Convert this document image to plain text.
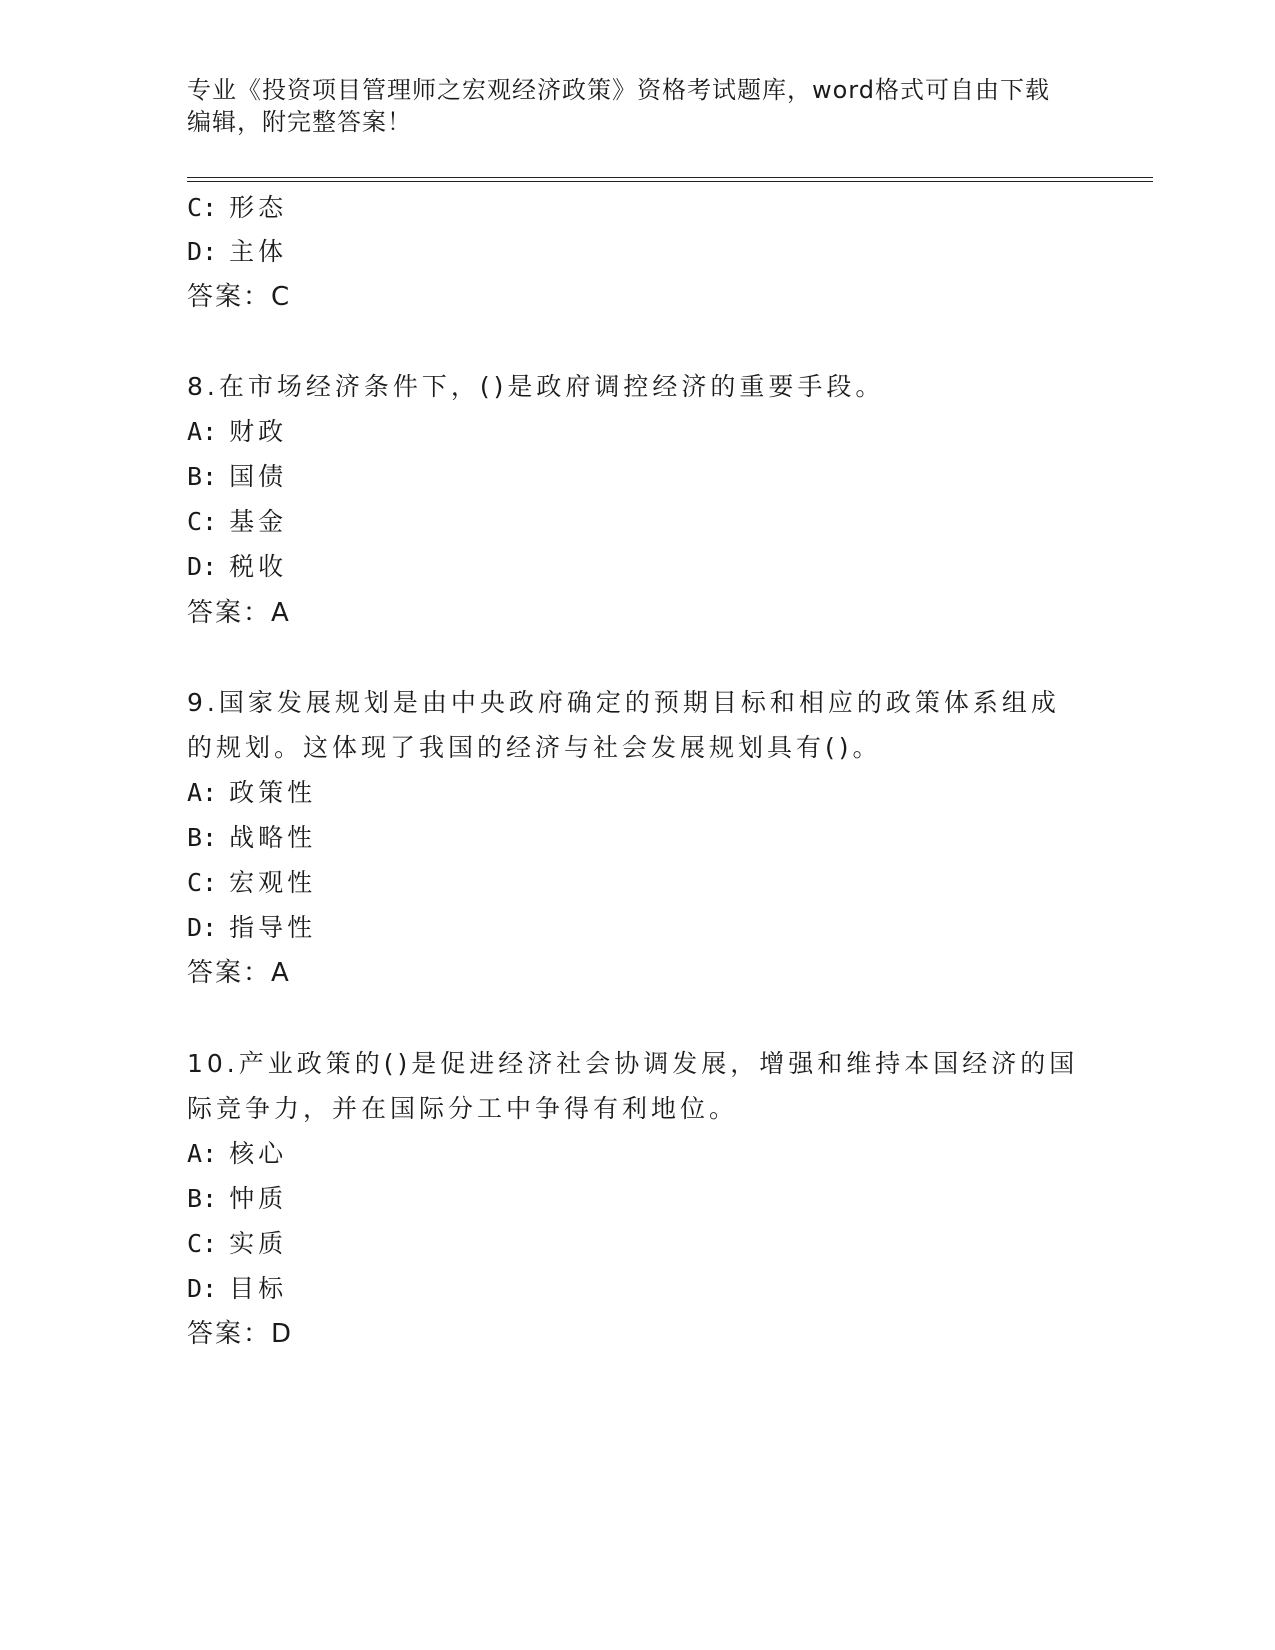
专业《投资项目管理师之宏观经济政策》资格考试题库，word格式可自由下载编辑，附完整答案！
C: 形态
D: 主体
答案：C
8.在市场经济条件下，()是政府调控经济的重要手段。
A: 财政
B: 国债
C: 基金
D: 税收
答案：A
9.国家发展规划是由中央政府确定的预期目标和相应的政策体系组成
的规划。这体现了我国的经济与社会发展规划具有()。
A: 政策性
B: 战略性
C: 宏观性
D: 指导性
答案：A
10.产业政策的()是促进经济社会协调发展，增强和维持本国经济的国
际竞争力，并在国际分工中争得有利地位。
A: 核心
B: 忡质
C: 实质
D: 目标
答案：D
